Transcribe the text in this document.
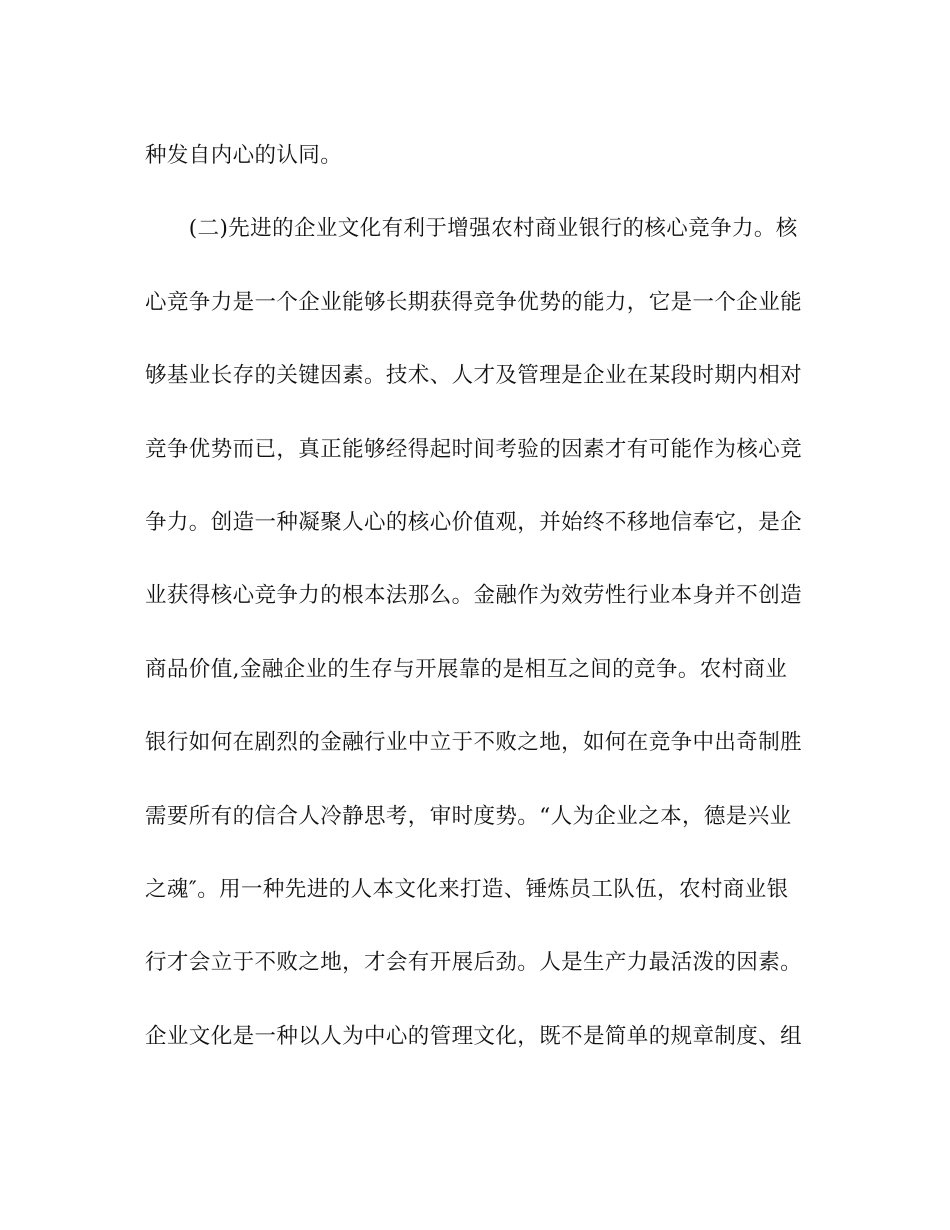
种发自内心的认同。
　　(二)先进的企业文化有利于增强农村商业银行的核心竞争力。核
心竞争力是一个企业能够长期获得竞争优势的能力，它是一个企业能
够基业长存的关键因素。技术、人才及管理是企业在某段时期内相对
竞争优势而已，真正能够经得起时间考验的因素才有可能作为核心竞
争力。创造一种凝聚人心的核心价值观，并始终不移地信奉它，是企
业获得核心竞争力的根本法那么。金融作为效劳性行业本身并不创造
商品价值,金融企业的生存与开展靠的是相互之间的竞争。农村商业
银行如何在剧烈的金融行业中立于不败之地，如何在竞争中出奇制胜
需要所有的信合人冷静思考，审时度势。“人为企业之本，德是兴业
之魂″。用一种先进的人本文化来打造、锤炼员工队伍，农村商业银
行才会立于不败之地，才会有开展后劲。人是生产力最活泼的因素。
企业文化是一种以人为中心的管理文化，既不是简单的规章制度、组
